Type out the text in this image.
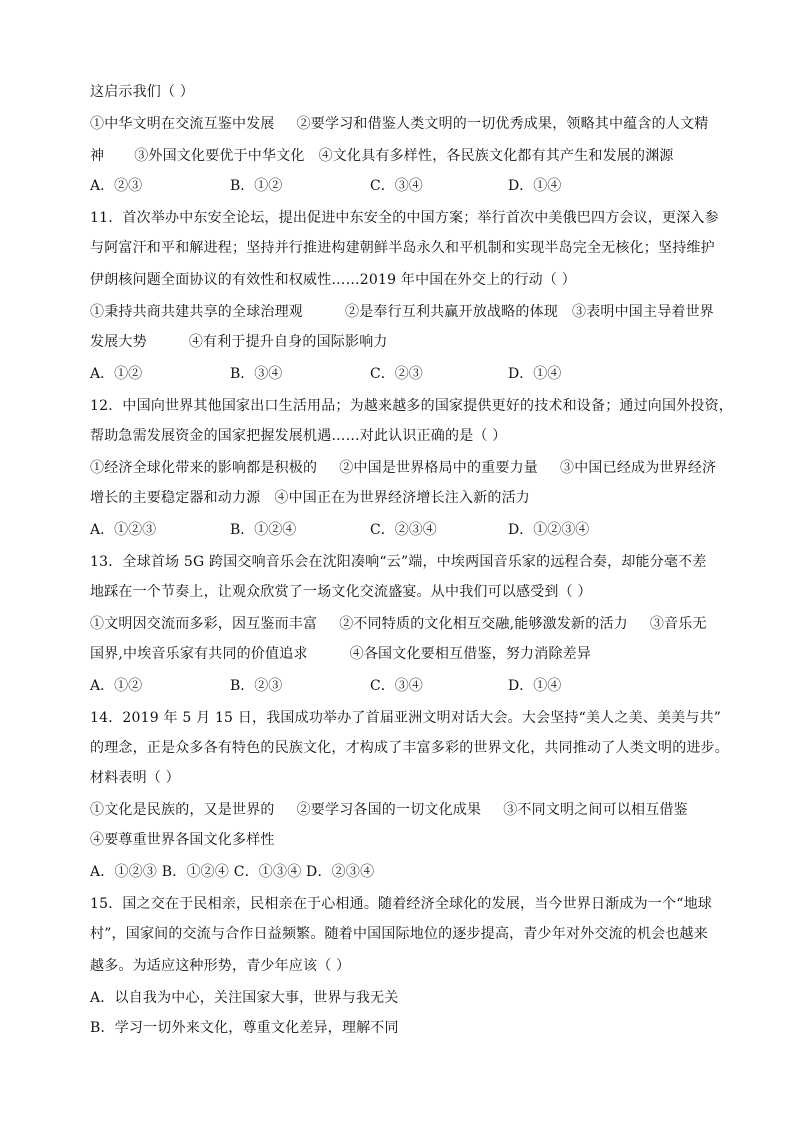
这启示我们（ ）
①中华文明在交流互鉴中发展 ②要学习和借鉴人类文明的一切优秀成果，领略其中蕴含的人文精
神 ③外国文化要优于中华文化 ④文化具有多样性，各民族文化都有其产生和发展的渊源
A．②③	B．①②	C．③④	D．①④
11．首次举办中东安全论坛，提出促进中东安全的中国方案；举行首次中美俄巴四方会议，更深入参
与阿富汗和平和解进程；坚持并行推进构建朝鲜半岛永久和平机制和实现半岛完全无核化；坚持维护
伊朗核问题全面协议的有效性和权威性……2019 年中国在外交上的行动（ ）
①秉持共商共建共享的全球治理观	②是奉行互利共赢开放战略的体现 ③表明中国主导着世界
发展大势	④有利于提升自身的国际影响力
A．①②	B．③④	C．②③	D．①④
12．中国向世界其他国家出口生活用品；为越来越多的国家提供更好的技术和设备；通过向国外投资，
帮助急需发展资金的国家把握发展机遇……对此认识正确的是（ ）
①经济全球化带来的影响都是积极的 ②中国是世界格局中的重要力量 ③中国已经成为世界经济
增长的主要稳定器和动力源 ④中国正在为世界经济增长注入新的活力
A．①②③	B．①②④	C．②③④	D．①②③④
13．全球首场 5G 跨国交响音乐会在沈阳凑响“云”端，中埃两国音乐家的远程合奏，却能分毫不差
地踩在一个节奏上，让观众欣赏了一场文化交流盛宴。从中我们可以感受到（ ）
①文明因交流而多彩，因互鉴而丰富 ②不同特质的文化相互交融,能够激发新的活力 ③音乐无
国界,中埃音乐家有共同的价值追求	④各国文化要相互借鉴，努力消除差异
A．①②	B．②③	C．③④	D．①④
14．2019 年 5 月 15 日，我国成功举办了首届亚洲文明对话大会。大会坚持“美人之美、美美与共”
的理念，正是众多各有特色的民族文化，才构成了丰富多彩的世界文化，共同推动了人类文明的进步。
材料表明（ ）
①文化是民族的，又是世界的 ②要学习各国的一切文化成果 ③不同文明之间可以相互借鉴
④要尊重世界各国文化多样性
A．①②③ B．①②④ C．①③④ D．②③④
15．国之交在于民相亲，民相亲在于心相通。随着经济全球化的发展，当今世界日渐成为一个“地球
村”，国家间的交流与合作日益频繁。随着中国国际地位的逐步提高，青少年对外交流的机会也越来
越多。为适应这种形势，青少年应该（ ）
A．以自我为中心，关注国家大事，世界与我无关
B．学习一切外来文化，尊重文化差异，理解不同
